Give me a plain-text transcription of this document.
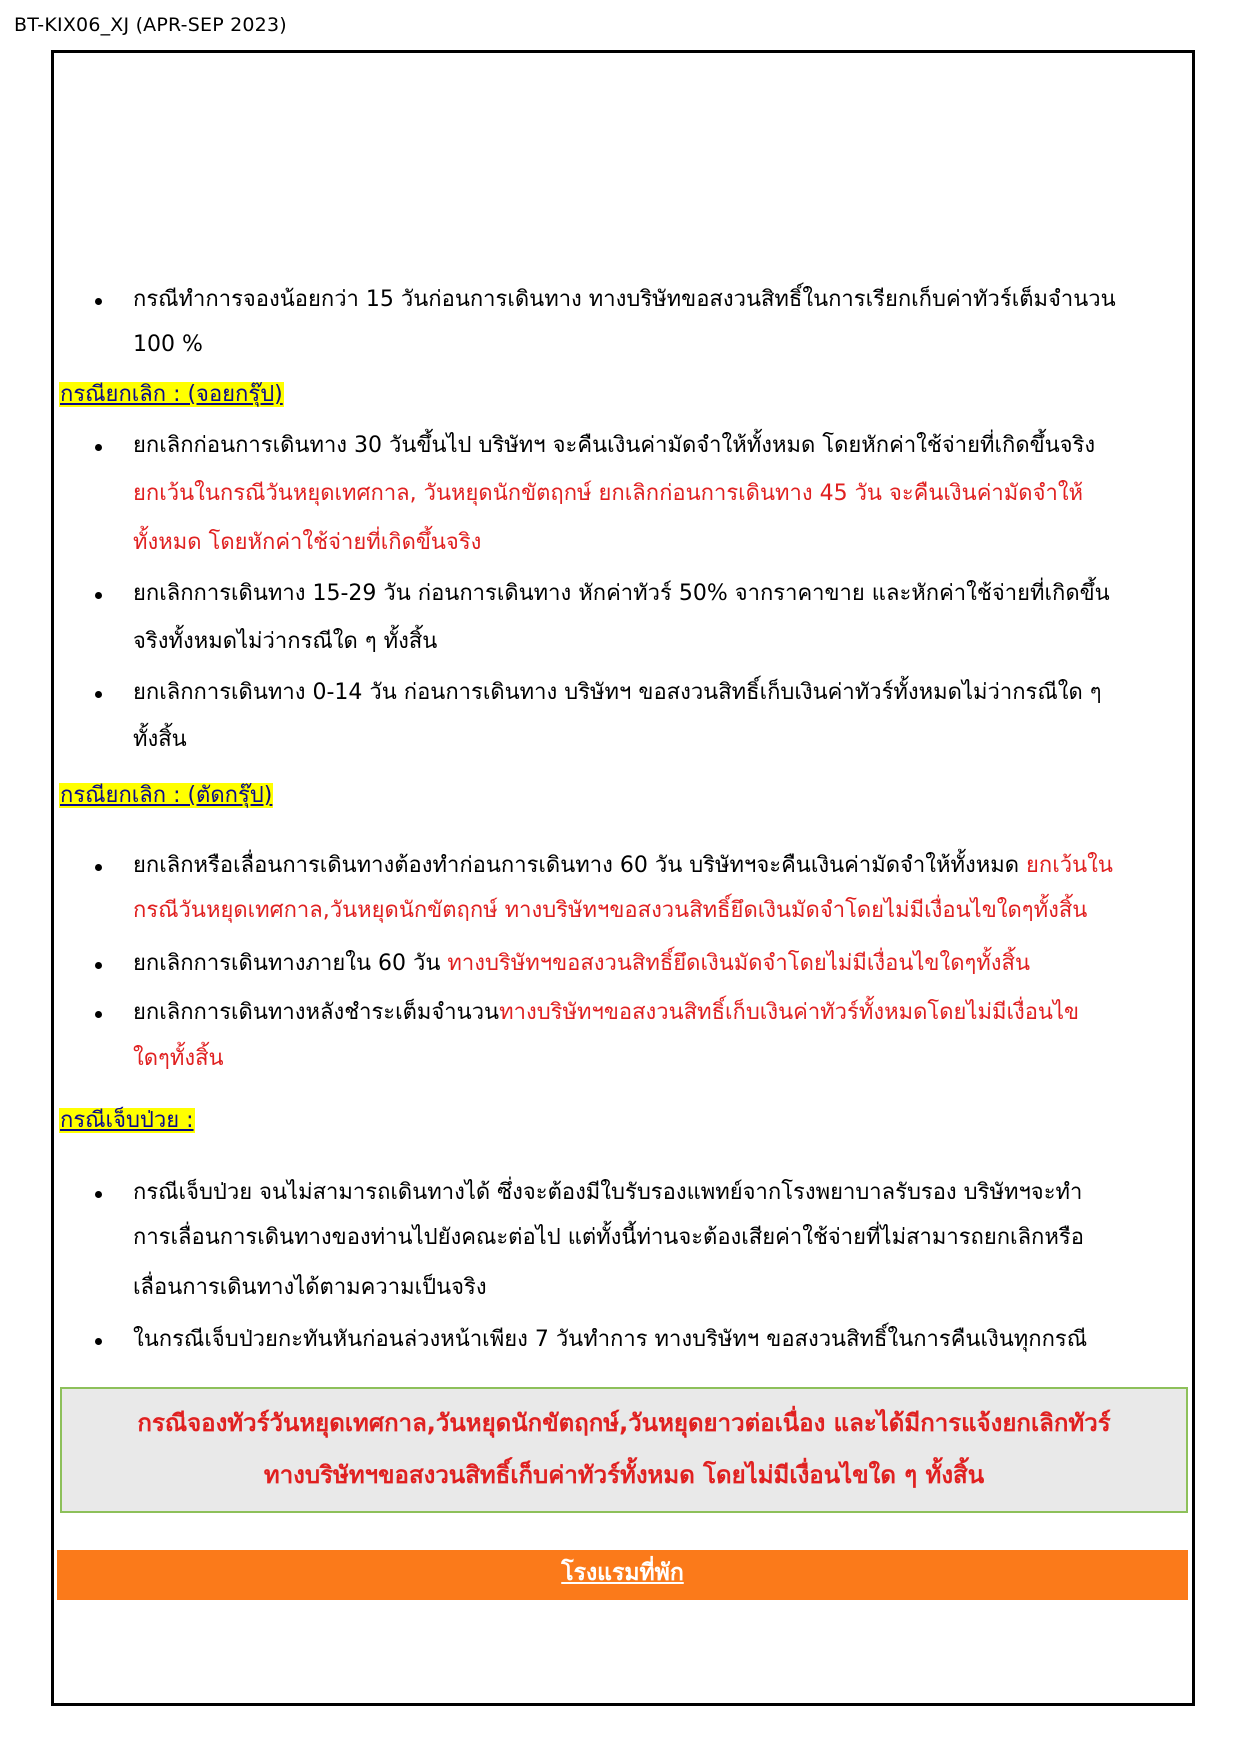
BT-KIX06_XJ (APR-SEP 2023)
กรณีทำการจองน้อยกว่า 15 วันก่อนการเดินทาง ทางบริษัทขอสงวนสิทธิ์ในการเรียกเก็บค่าทัวร์เต็มจำนวน
100 %
กรณียกเลิก : (จอยกรุ๊ป)
ยกเลิกก่อนการเดินทาง 30 วันขึ้นไป บริษัทฯ จะคืนเงินค่ามัดจำให้ทั้งหมด โดยหักค่าใช้จ่ายที่เกิดขึ้นจริง
ยกเว้นในกรณีวันหยุดเทศกาล, วันหยุดนักขัตฤกษ์ ยกเลิกก่อนการเดินทาง 45 วัน จะคืนเงินค่ามัดจำให้
ทั้งหมด โดยหักค่าใช้จ่ายที่เกิดขึ้นจริง
ยกเลิกการเดินทาง 15-29 วัน ก่อนการเดินทาง หักค่าทัวร์ 50% จากราคาขาย และหักค่าใช้จ่ายที่เกิดขึ้น
จริงทั้งหมดไม่ว่ากรณีใด ๆ ทั้งสิ้น
ยกเลิกการเดินทาง 0-14 วัน ก่อนการเดินทาง บริษัทฯ ขอสงวนสิทธิ์เก็บเงินค่าทัวร์ทั้งหมดไม่ว่ากรณีใด ๆ
ทั้งสิ้น
กรณียกเลิก : (ตัดกรุ๊ป)
ยกเลิกหรือเลื่อนการเดินทางต้องทำก่อนการเดินทาง 60 วัน บริษัทฯจะคืนเงินค่ามัดจำให้ทั้งหมด ยกเว้นใน
กรณีวันหยุดเทศกาล,วันหยุดนักขัตฤกษ์ ทางบริษัทฯขอสงวนสิทธิ์ยึดเงินมัดจำโดยไม่มีเงื่อนไขใดๆทั้งสิ้น
ยกเลิกการเดินทางภายใน 60 วัน ทางบริษัทฯขอสงวนสิทธิ์ยึดเงินมัดจำโดยไม่มีเงื่อนไขใดๆทั้งสิ้น
ยกเลิกการเดินทางหลังชำระเต็มจำนวนทางบริษัทฯขอสงวนสิทธิ์เก็บเงินค่าทัวร์ทั้งหมดโดยไม่มีเงื่อนไข
ใดๆทั้งสิ้น
กรณีเจ็บป่วย :
กรณีเจ็บป่วย จนไม่สามารถเดินทางได้ ซึ่งจะต้องมีใบรับรองแพทย์จากโรงพยาบาลรับรอง บริษัทฯจะทำ
การเลื่อนการเดินทางของท่านไปยังคณะต่อไป แต่ทั้งนี้ท่านจะต้องเสียค่าใช้จ่ายที่ไม่สามารถยกเลิกหรือ
เลื่อนการเดินทางได้ตามความเป็นจริง
ในกรณีเจ็บป่วยกะทันหันก่อนล่วงหน้าเพียง 7 วันทำการ ทางบริษัทฯ ขอสงวนสิทธิ์ในการคืนเงินทุกกรณี
กรณีจองทัวร์วันหยุดเทศกาล,วันหยุดนักขัตฤกษ์,วันหยุดยาวต่อเนื่อง และได้มีการแจ้งยกเลิกทัวร์
ทางบริษัทฯขอสงวนสิทธิ์เก็บค่าทัวร์ทั้งหมด โดยไม่มีเงื่อนไขใด ๆ ทั้งสิ้น
โรงแรมที่พัก
